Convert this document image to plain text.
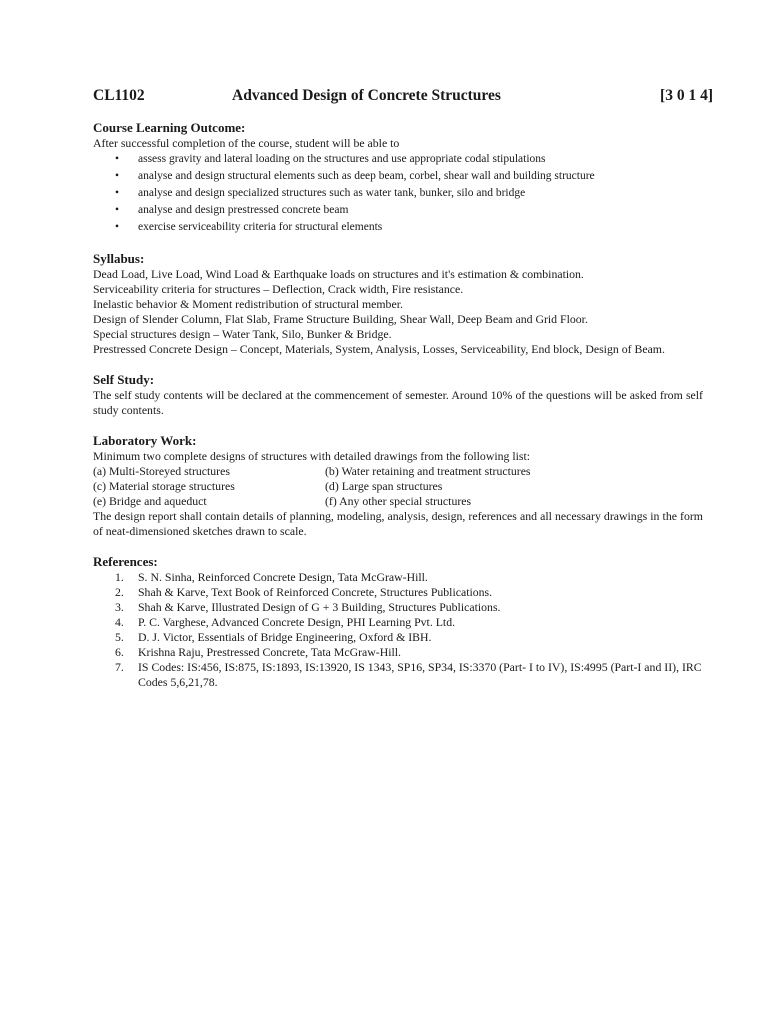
CL1102	Advanced Design of Concrete Structures	[3 0 1 4]
Course Learning Outcome:

After successful completion of the course, student will be able to

• assess gravity and lateral loading on the structures and use appropriate codal stipulations
• analyse and design structural elements such as deep beam, corbel, shear wall and building structure
• analyse and design specialized structures such as water tank, bunker, silo and bridge
• analyse and design prestressed concrete beam
• exercise serviceability criteria for structural elements
Syllabus:

Dead Load, Live Load, Wind Load & Earthquake loads on structures and it's estimation & combination.

Serviceability criteria for structures – Deflection, Crack width, Fire resistance.

Inelastic behavior & Moment redistribution of structural member.

Design of Slender Column, Flat Slab, Frame Structure Building, Shear Wall, Deep Beam and Grid Floor.

Special structures design – Water Tank, Silo, Bunker & Bridge.

Prestressed Concrete Design – Concept, Materials, System, Analysis, Losses, Serviceability, End block, Design of Beam.

Self Study:

The self study contents will be declared at the commencement of semester. Around 10% of the questions will be asked from self study contents.

Laboratory Work:

Minimum two complete designs of structures with detailed drawings from the following list:

(a) Multi-Storeyed structures	(b) Water retaining and treatment structures
(c) Material storage structures	(d) Large span structures
(e) Bridge and aqueduct	(f) Any other special structures

The design report shall contain details of planning, modeling, analysis, design, references and all necessary drawings in the form of neat-dimensioned sketches drawn to scale.

References:
1. S. N. Sinha, Reinforced Concrete Design, Tata McGraw-Hill.
2. Shah & Karve, Text Book of Reinforced Concrete, Structures Publications.
3. Shah & Karve, Illustrated Design of G + 3 Building, Structures Publications.
4. P. C. Varghese, Advanced Concrete Design, PHI Learning Pvt. Ltd.
5. D. J. Victor, Essentials of Bridge Engineering, Oxford & IBH.
6. Krishna Raju, Prestressed Concrete, Tata McGraw-Hill.
7. IS Codes: IS:456, IS:875, IS:1893, IS:13920, IS 1343, SP16, SP34, IS:3370 (Part- I to IV), IS:4995 (Part-I and II), IRC Codes 5,6,21,78.
